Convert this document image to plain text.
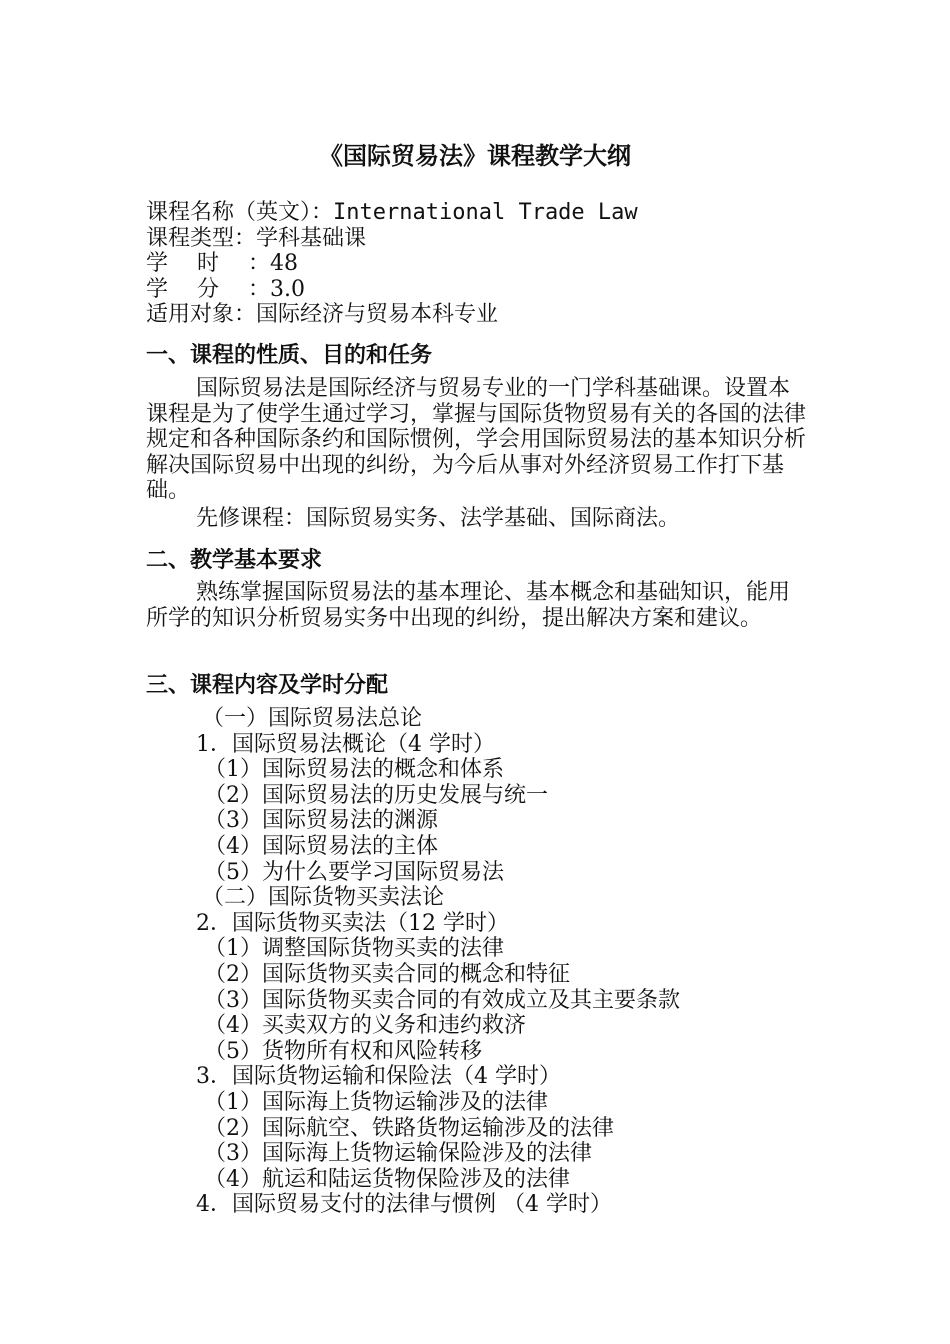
《国际贸易法》课程教学大纲
课程名称（英文）：International Trade Law
课程类型：学科基础课
学时：48
学分：3.0
适用对象：国际经济与贸易本科专业
一、课程的性质、目的和任务
国际贸易法是国际经济与贸易专业的一门学科基础课。设置本课程是为了使学生通过学习，掌握与国际货物贸易有关的各国的法律规定和各种国际条约和国际惯例，学会用国际贸易法的基本知识分析解决国际贸易中出现的纠纷，为今后从事对外经济贸易工作打下基础。
先修课程：国际贸易实务、法学基础、国际商法。
二、教学基本要求
熟练掌握国际贸易法的基本理论、基本概念和基础知识，能用所学的知识分析贸易实务中出现的纠纷，提出解决方案和建议。
三、课程内容及学时分配
（一）国际贸易法总论
1．国际贸易法概论（4 学时）
（1）国际贸易法的概念和体系
（2）国际贸易法的历史发展与统一
（3）国际贸易法的渊源
（4）国际贸易法的主体
（5）为什么要学习国际贸易法
（二）国际货物买卖法论
2．国际货物买卖法（12 学时）
（1）调整国际货物买卖的法律
（2）国际货物买卖合同的概念和特征
（3）国际货物买卖合同的有效成立及其主要条款
（4）买卖双方的义务和违约救济
（5）货物所有权和风险转移
3．国际货物运输和保险法（4 学时）
（1）国际海上货物运输涉及的法律
（2）国际航空、铁路货物运输涉及的法律
（3）国际海上货物运输保险涉及的法律
（4）航运和陆运货物保险涉及的法律
4．国际贸易支付的法律与惯例 （4 学时）
